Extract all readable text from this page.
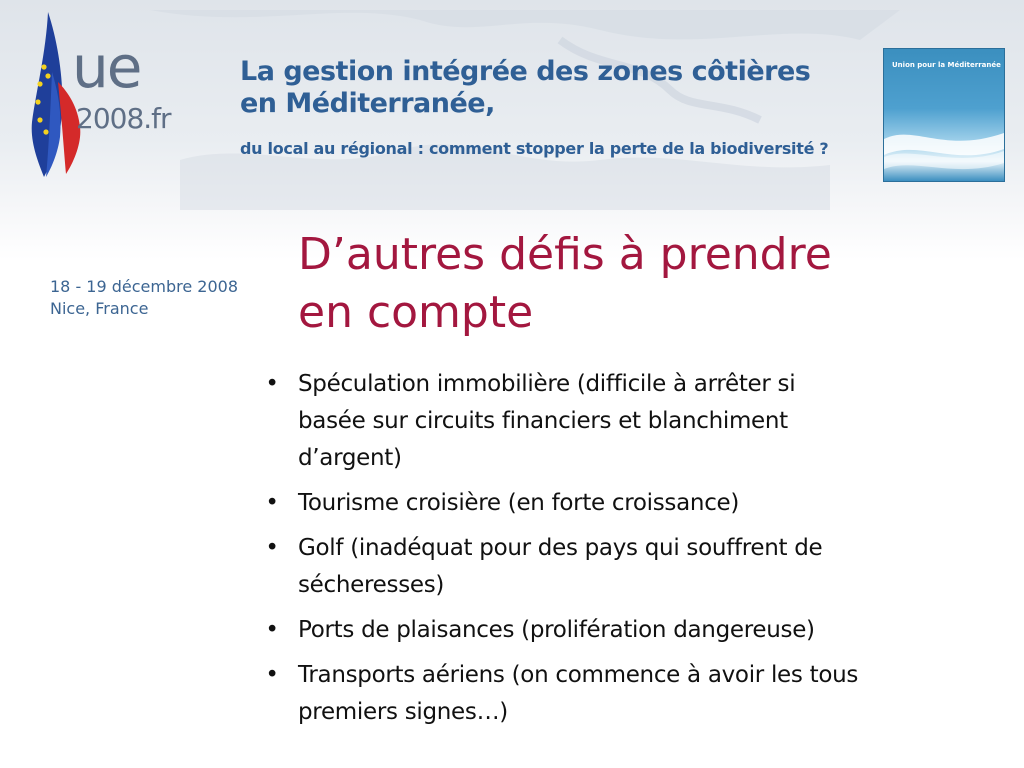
ue
2008.fr
La gestion intégrée des zones côtières
en Méditerranée,
du local au régional : comment stopper la perte de la biodiversité ?
Union pour la Méditerranée
18 - 19 décembre 2008
Nice, France
D’autres défis à prendre
en compte
• Spéculation immobilière (difficile à arrêter si
basée sur circuits financiers et blanchiment
d’argent)
• Tourisme croisière (en forte croissance)
• Golf (inadéquat pour des pays qui souffrent de
sécheresses)
• Ports de plaisances (prolifération dangereuse)
• Transports aériens (on commence à avoir les tous
premiers signes…)
